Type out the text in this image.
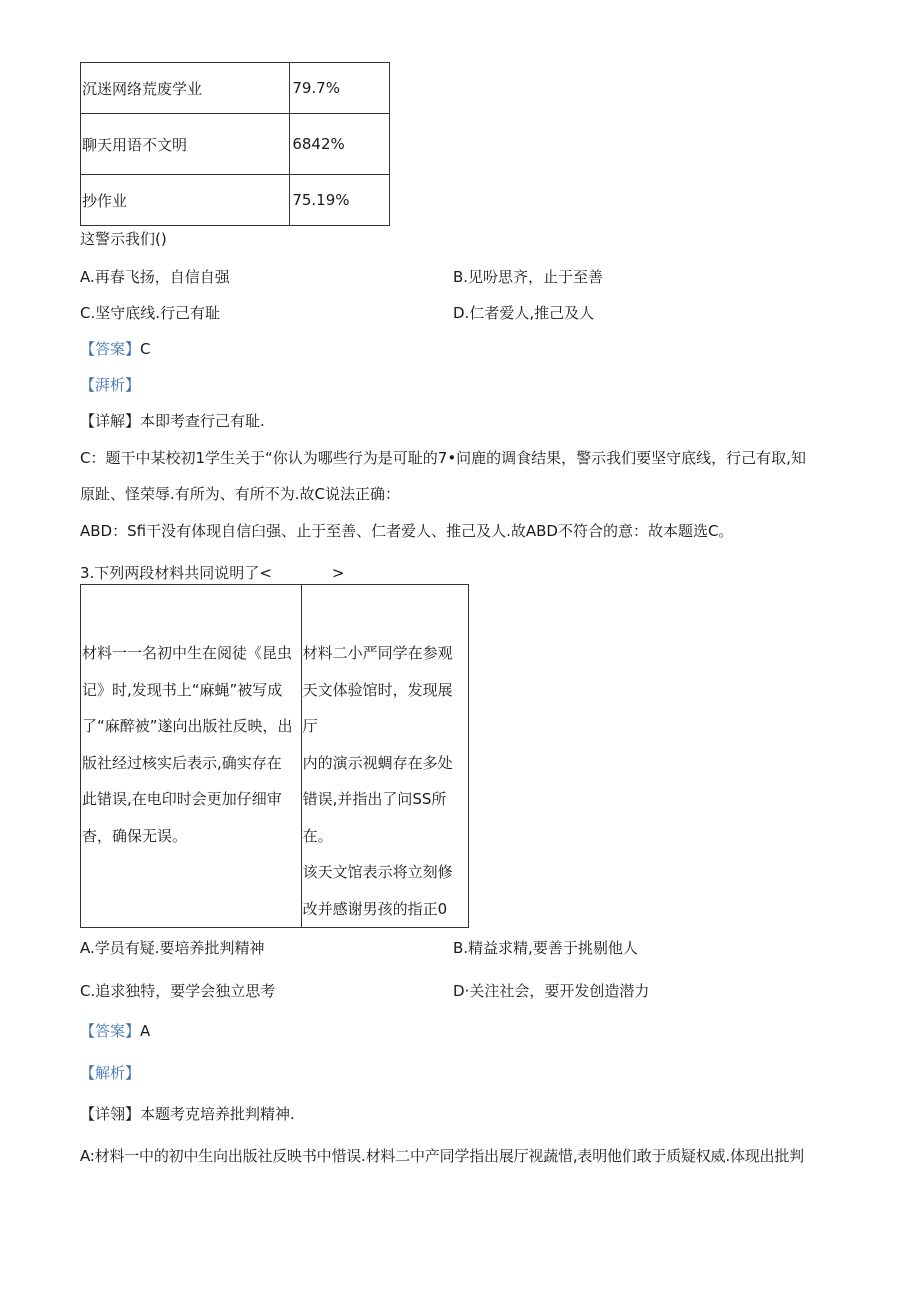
沉迷网络荒废学业	79.7%
聊天用语不文明	6842%
抄作业	75.19%
这警示我们()
A.再春飞扬，自信自强	B.见吩思齐，止于至善
C.坚守底线.行己有耻	D.仁者爱人,推己及人
【答案】C
【湃析】
【详解】本即考查行己有耻.
C：题干中某校初1学生关于“你认为哪些行为是可耻的7•问鹿的调食结果，警示我们要坚守底线，行己有取,知
原趾、怪荣辱.有所为、有所不为.故C说法正确：
ABD：Sfi干没有体现自信臼强、止于至善、仁者爱人、推己及人.故ABD不符合的意：故本题选C。
3.下列两段材料共同说明了<　　　　>
材料一一名初中生在阅徒《昆虫
记》时,发现书上“麻蝇”被写成
了“麻醉被”遂向出版社反映，出
版社经过核实后表示,确实存在
此错误,在电印时会更加仔细审
杳，确保无误。

材料二小严同学在参观
天文体验馆时，发现展厅
内的演示视蜩存在多处
错误,并指出了问SS所在。
该天文馆表示将立刻修
改并感谢男孩的指正0
A.学员有疑.要培养批判精神	B.精益求精,要善于挑剔他人
C.追求独特，要学会独立思考	D·关注社会，要开发创造潜力
【答案】A
【解析】
【详翎】本题考克培养批判精神.
A:材料一中的初中生向出版社反映书中惜误.材料二中产同学指出展厅视蔬惜,表明他们敢于质疑权威.体现出批判
